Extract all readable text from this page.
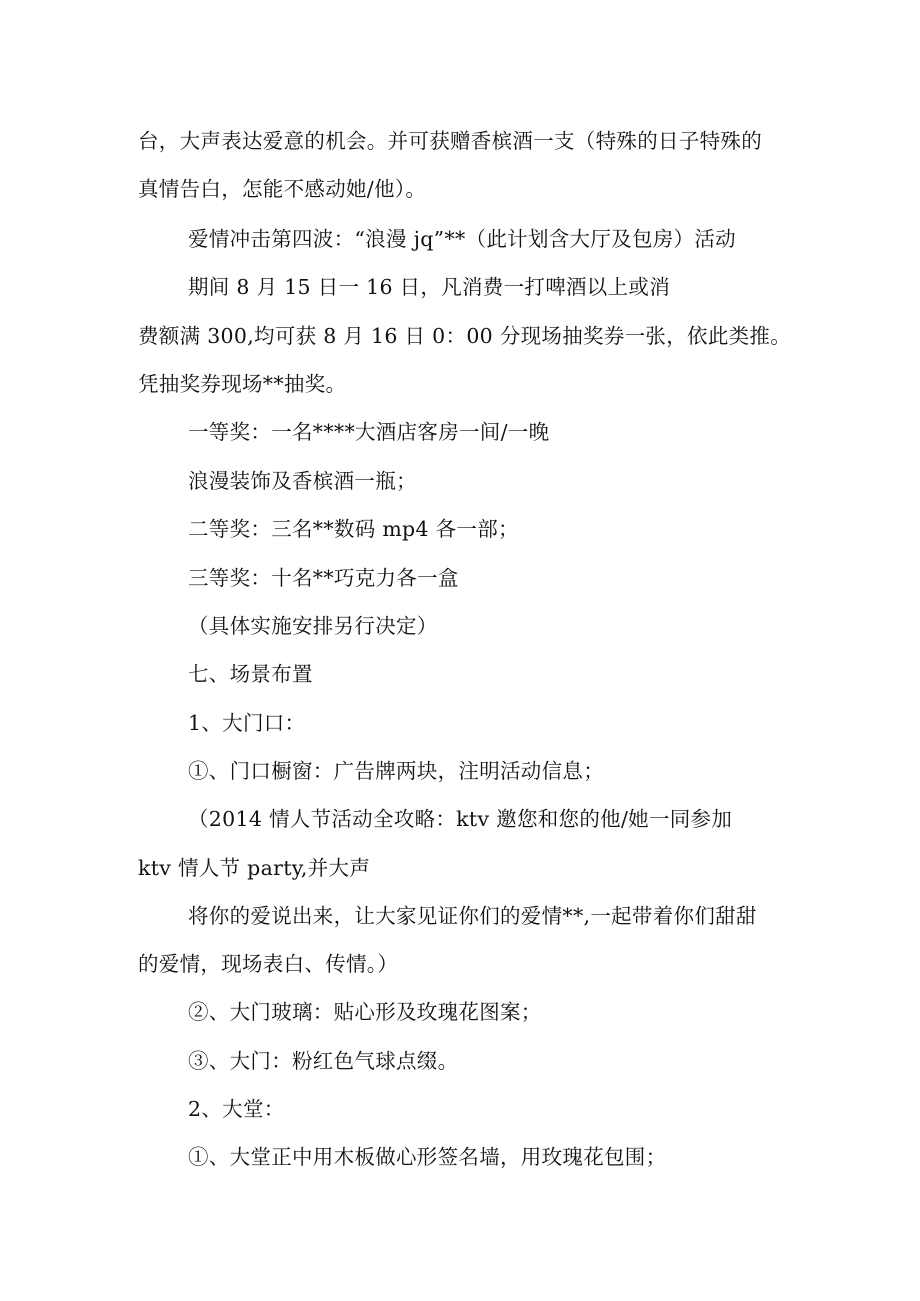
台，大声表达爱意的机会。并可获赠香槟酒一支（特殊的日子特殊的
真情告白，怎能不感动她/他）。
爱情冲击第四波：“浪漫 jq”**（此计划含大厅及包房）活动
期间 8 月 15 日一 16 日，凡消费一打啤酒以上或消
费额满 300,均可获 8 月 16 日 0：00 分现场抽奖券一张，依此类推。
凭抽奖券现场**抽奖。
一等奖：一名****大酒店客房一间/一晚
浪漫装饰及香槟酒一瓶；
二等奖：三名**数码 mp4 各一部；
三等奖：十名**巧克力各一盒
（具体实施安排另行决定）
七、场景布置
1、大门口：
①、门口橱窗：广告牌两块，注明活动信息；
（2014 情人节活动全攻略：ktv 邀您和您的他/她一同参加
ktv 情人节 party,并大声
将你的爱说出来，让大家见证你们的爱情**,一起带着你们甜甜
的爱情，现场表白、传情。）
②、大门玻璃：贴心形及玫瑰花图案；
③、大门：粉红色气球点缀。
2、大堂：
①、大堂正中用木板做心形签名墙，用玫瑰花包围；
